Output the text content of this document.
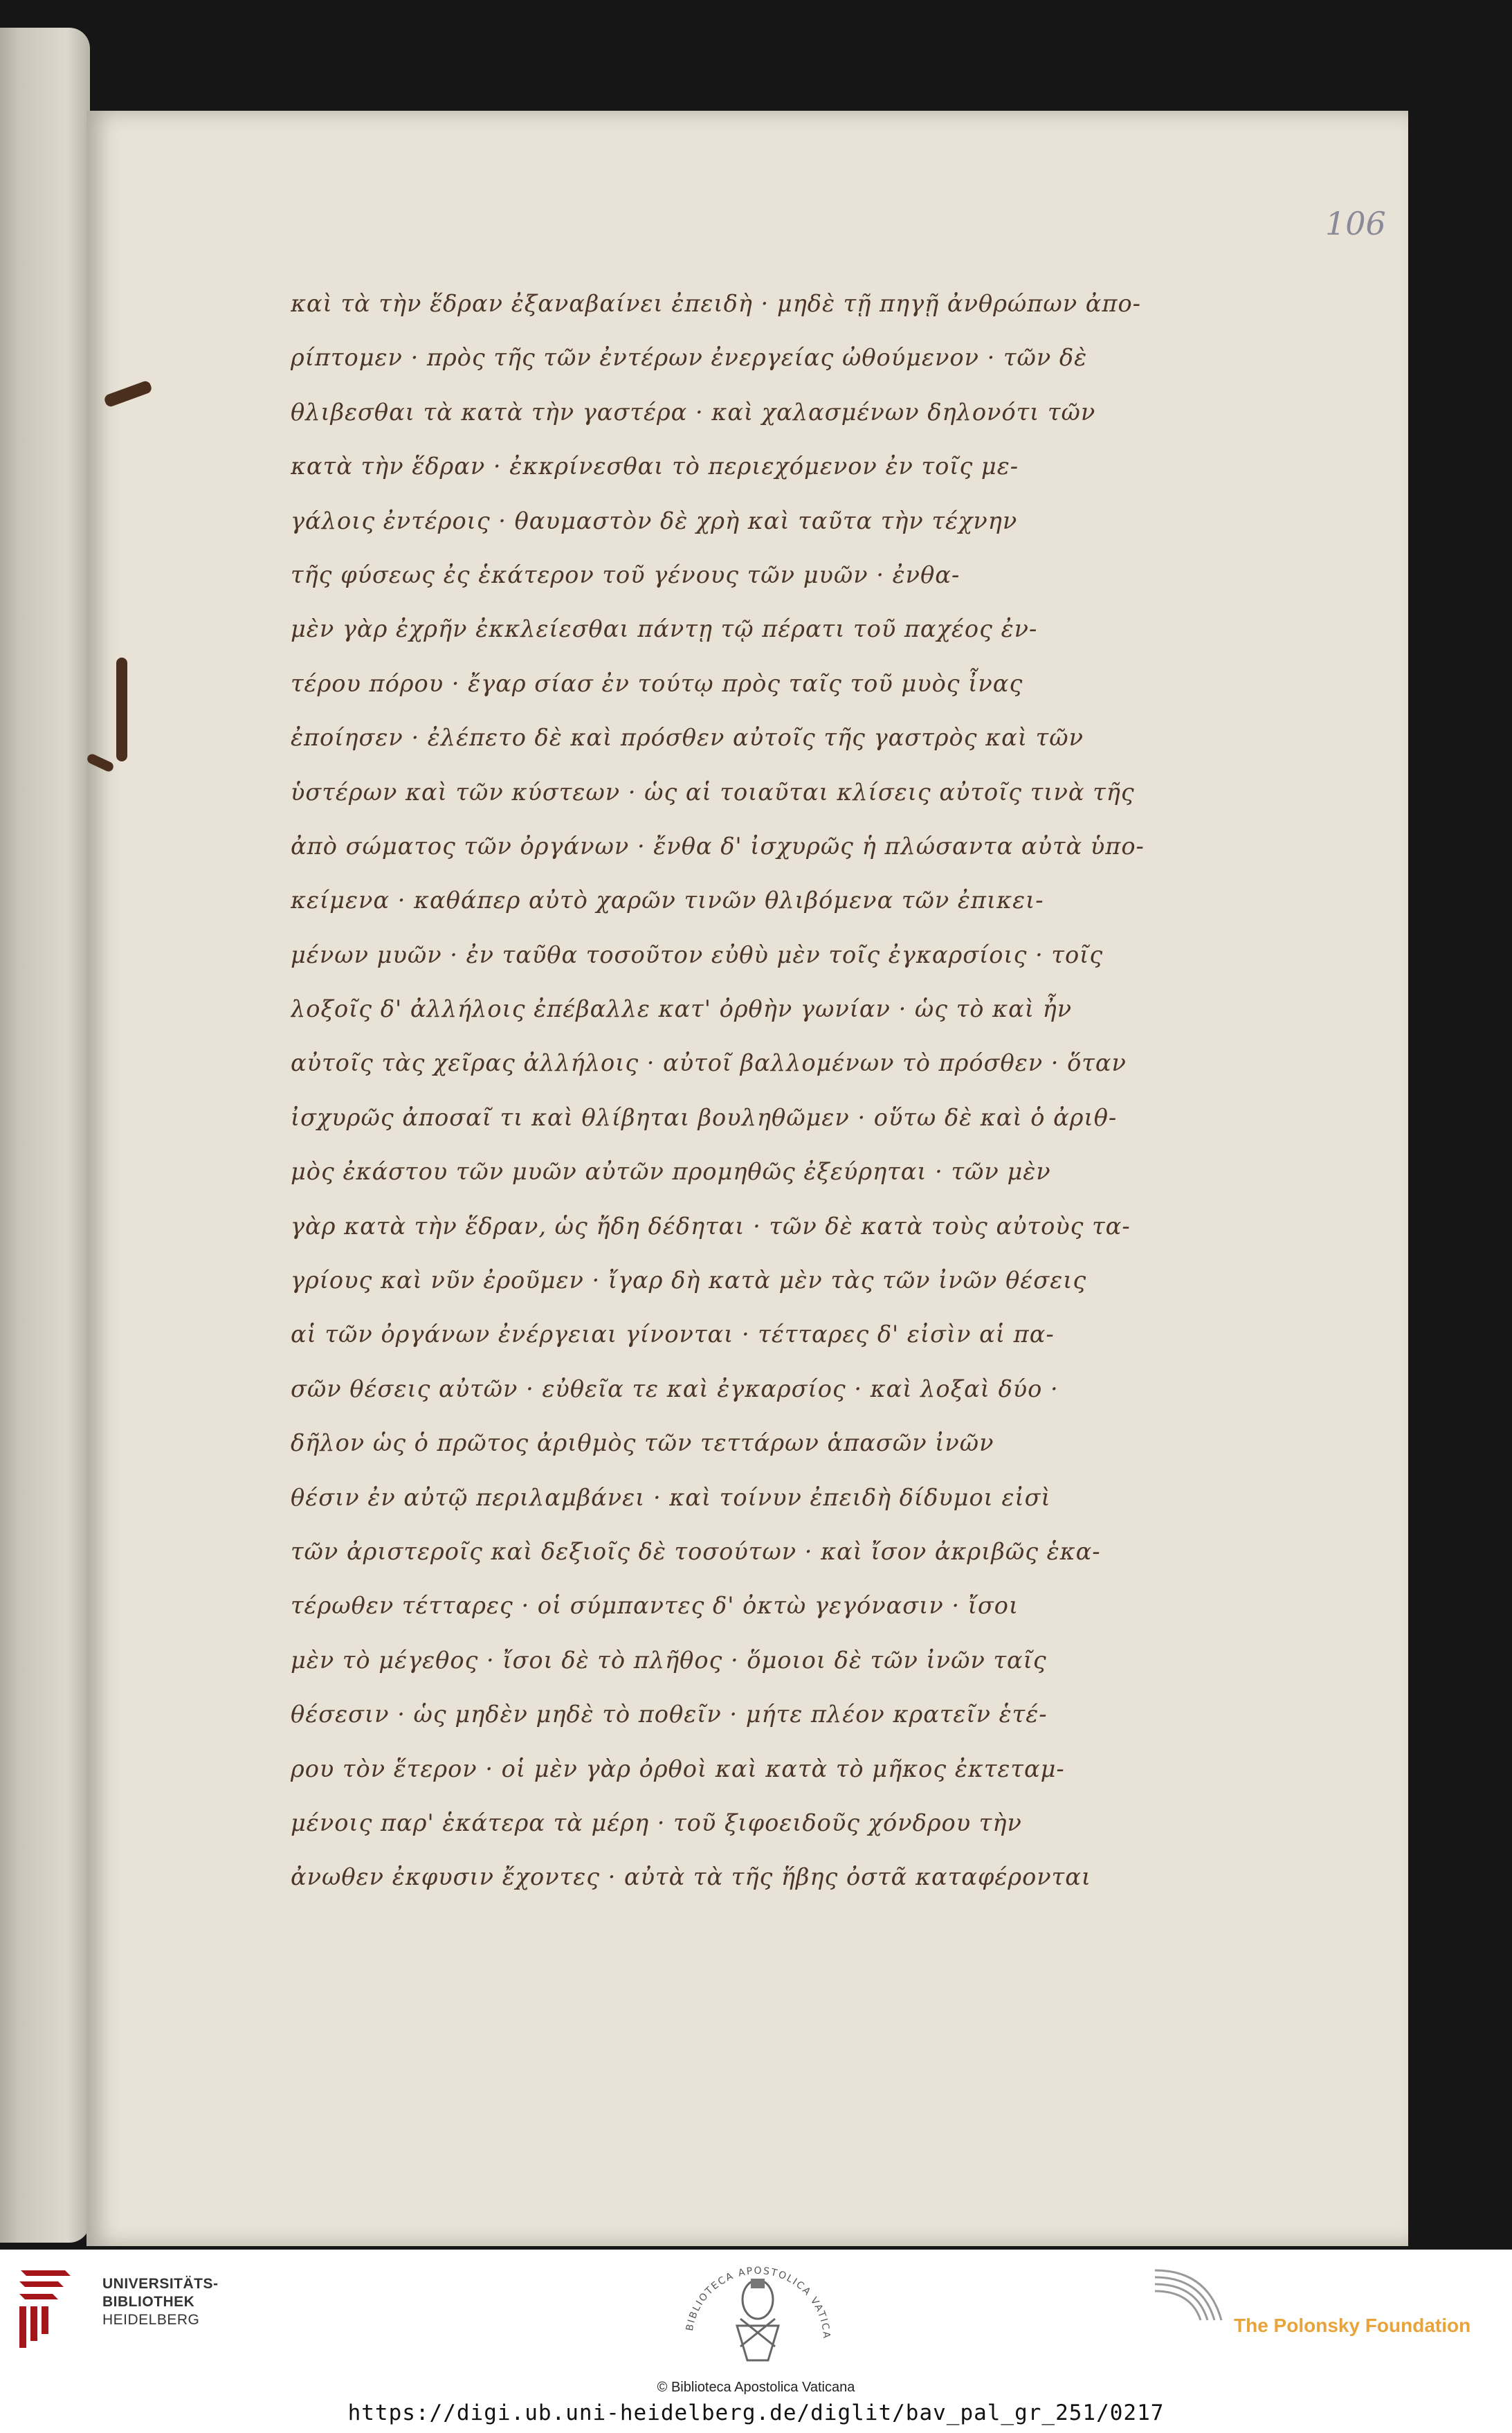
106
καὶ τὰ τὴν ἕδραν ἐξαναβαίνει ἐπειδὴ · μηδὲ τῇ πηγῇ ἀνθρώπων ἀπο-
ρίπτομεν · πρὸς τῆς τῶν ἐντέρων ἐνεργείας ὠθούμενον · τῶν δὲ
θλιβεσθαι τὰ κατὰ τὴν γαστέρα · καὶ χαλασμένων δηλονότι τῶν
κατὰ τὴν ἕδραν · ἐκκρίνεσθαι τὸ περιεχόμενον ἐν τοῖς με-
γάλοις ἐντέροις · θαυμαστὸν δὲ χρὴ καὶ ταῦτα τὴν τέχνην
τῆς φύσεως ἐς ἑκάτερον τοῦ γένους τῶν μυῶν · ἐνθα-
μὲν γὰρ ἐχρῆν ἐκκλείεσθαι πάντῃ τῷ πέρατι τοῦ παχέος ἐν-
τέρου πόρου · ἔγαρ σίασ ἐν τούτῳ πρὸς ταῖς τοῦ μυὸς ἶνας
ἐποίησεν · ἐλέπετο δὲ καὶ πρόσθεν αὐτοῖς τῆς γαστρὸς καὶ τῶν
ὑστέρων καὶ τῶν κύστεων · ὡς αἱ τοιαῦται κλίσεις αὐτοῖς τινὰ τῆς
ἀπὸ σώματος τῶν ὀργάνων · ἔνθα δ' ἰσχυρῶς ἡ πλώσαντα αὐτὰ ὑπο-
κείμενα · καθάπερ αὐτὸ χαρῶν τινῶν θλιβόμενα τῶν ἐπικει-
μένων μυῶν · ἐν ταῦθα τοσοῦτον εὐθὺ μὲν τοῖς ἐγκαρσίοις · τοῖς
λοξοῖς δ' ἀλλήλοις ἐπέβαλλε κατ' ὀρθὴν γωνίαν · ὡς τὸ καὶ ἦν
αὐτοῖς τὰς χεῖρας ἀλλήλοις · αὐτοῖ βαλλομένων τὸ πρόσθεν · ὅταν
ἰσχυρῶς ἀποσαῖ τι καὶ θλίβηται βουληθῶμεν · οὕτω δὲ καὶ ὁ ἀριθ-
μὸς ἐκάστου τῶν μυῶν αὐτῶν προμηθῶς ἐξεύρηται · τῶν μὲν
γὰρ κατὰ τὴν ἕδραν, ὡς ἤδη δέδηται · τῶν δὲ κατὰ τοὺς αὐτοὺς τα-
γρίους καὶ νῦν ἐροῦμεν · ἴγαρ δὴ κατὰ μὲν τὰς τῶν ἰνῶν θέσεις
αἱ τῶν ὀργάνων ἐνέργειαι γίνονται · τέτταρες δ' εἰσὶν αἱ πα-
σῶν θέσεις αὐτῶν · εὐθεῖα τε καὶ ἐγκαρσίος · καὶ λοξαὶ δύο ·
δῆλον ὡς ὁ πρῶτος ἀριθμὸς τῶν τεττάρων ἁπασῶν ἰνῶν
θέσιν ἐν αὐτῷ περιλαμβάνει · καὶ τοίνυν ἐπειδὴ δίδυμοι εἰσὶ
τῶν ἀριστεροῖς καὶ δεξιοῖς δὲ τοσούτων · καὶ ἴσον ἀκριβῶς ἑκα-
τέρωθεν τέτταρες · οἱ σύμπαντες δ' ὀκτὼ γεγόνασιν · ἴσοι
μὲν τὸ μέγεθος · ἴσοι δὲ τὸ πλῆθος · ὅμοιοι δὲ τῶν ἰνῶν ταῖς
θέσεσιν · ὡς μηδὲν μηδὲ τὸ ποθεῖν · μήτε πλέον κρατεῖν ἑτέ-
ρου τὸν ἕτερον · οἱ μὲν γὰρ ὀρθοὶ καὶ κατὰ τὸ μῆκος ἐκτεταμ-
μένοις παρ' ἑκάτερα τὰ μέρη · τοῦ ξιφοειδοῦς χόνδρου τὴν
ἀνωθεν ἐκφυσιν ἔχοντες · αὐτὰ τὰ τῆς ἥβης ὀστᾶ καταφέρονται
UNIVERSITÄTS-
BIBLIOTHEK
HEIDELBERG	BIBLIOTECA APOSTOLICA VATICA
© Biblioteca Apostolica Vaticana
https://digi.ub.uni-heidelberg.de/diglit/bav_pal_gr_251/0217
The Polonsky Foundation
